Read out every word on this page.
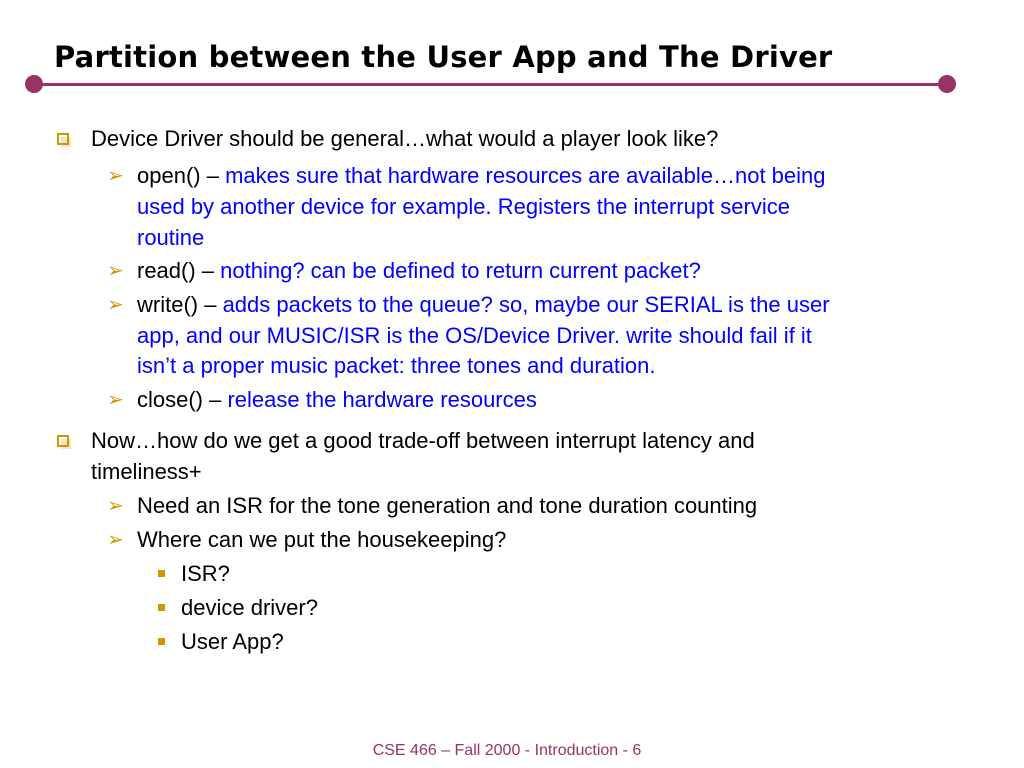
Partition between the User App and The Driver
Device Driver should be general…what would a player look like?
➢ open() – makes sure that hardware resources are available…not being
used by another device for example. Registers the interrupt service
routine
➢ read() – nothing? can be defined to return current packet?
➢ write() – adds packets to the queue? so, maybe our SERIAL is the user
app, and our MUSIC/ISR is the OS/Device Driver. write should fail if it
isn’t a proper music packet: three tones and duration.
➢ close() – release the hardware resources
Now…how do we get a good trade-off between interrupt latency and
timeliness+
➢ Need an ISR for the tone generation and tone duration counting
➢ Where can we put the housekeeping?
ISR?
device driver?
User App?
CSE 466 – Fall 2000 - Introduction - 6
